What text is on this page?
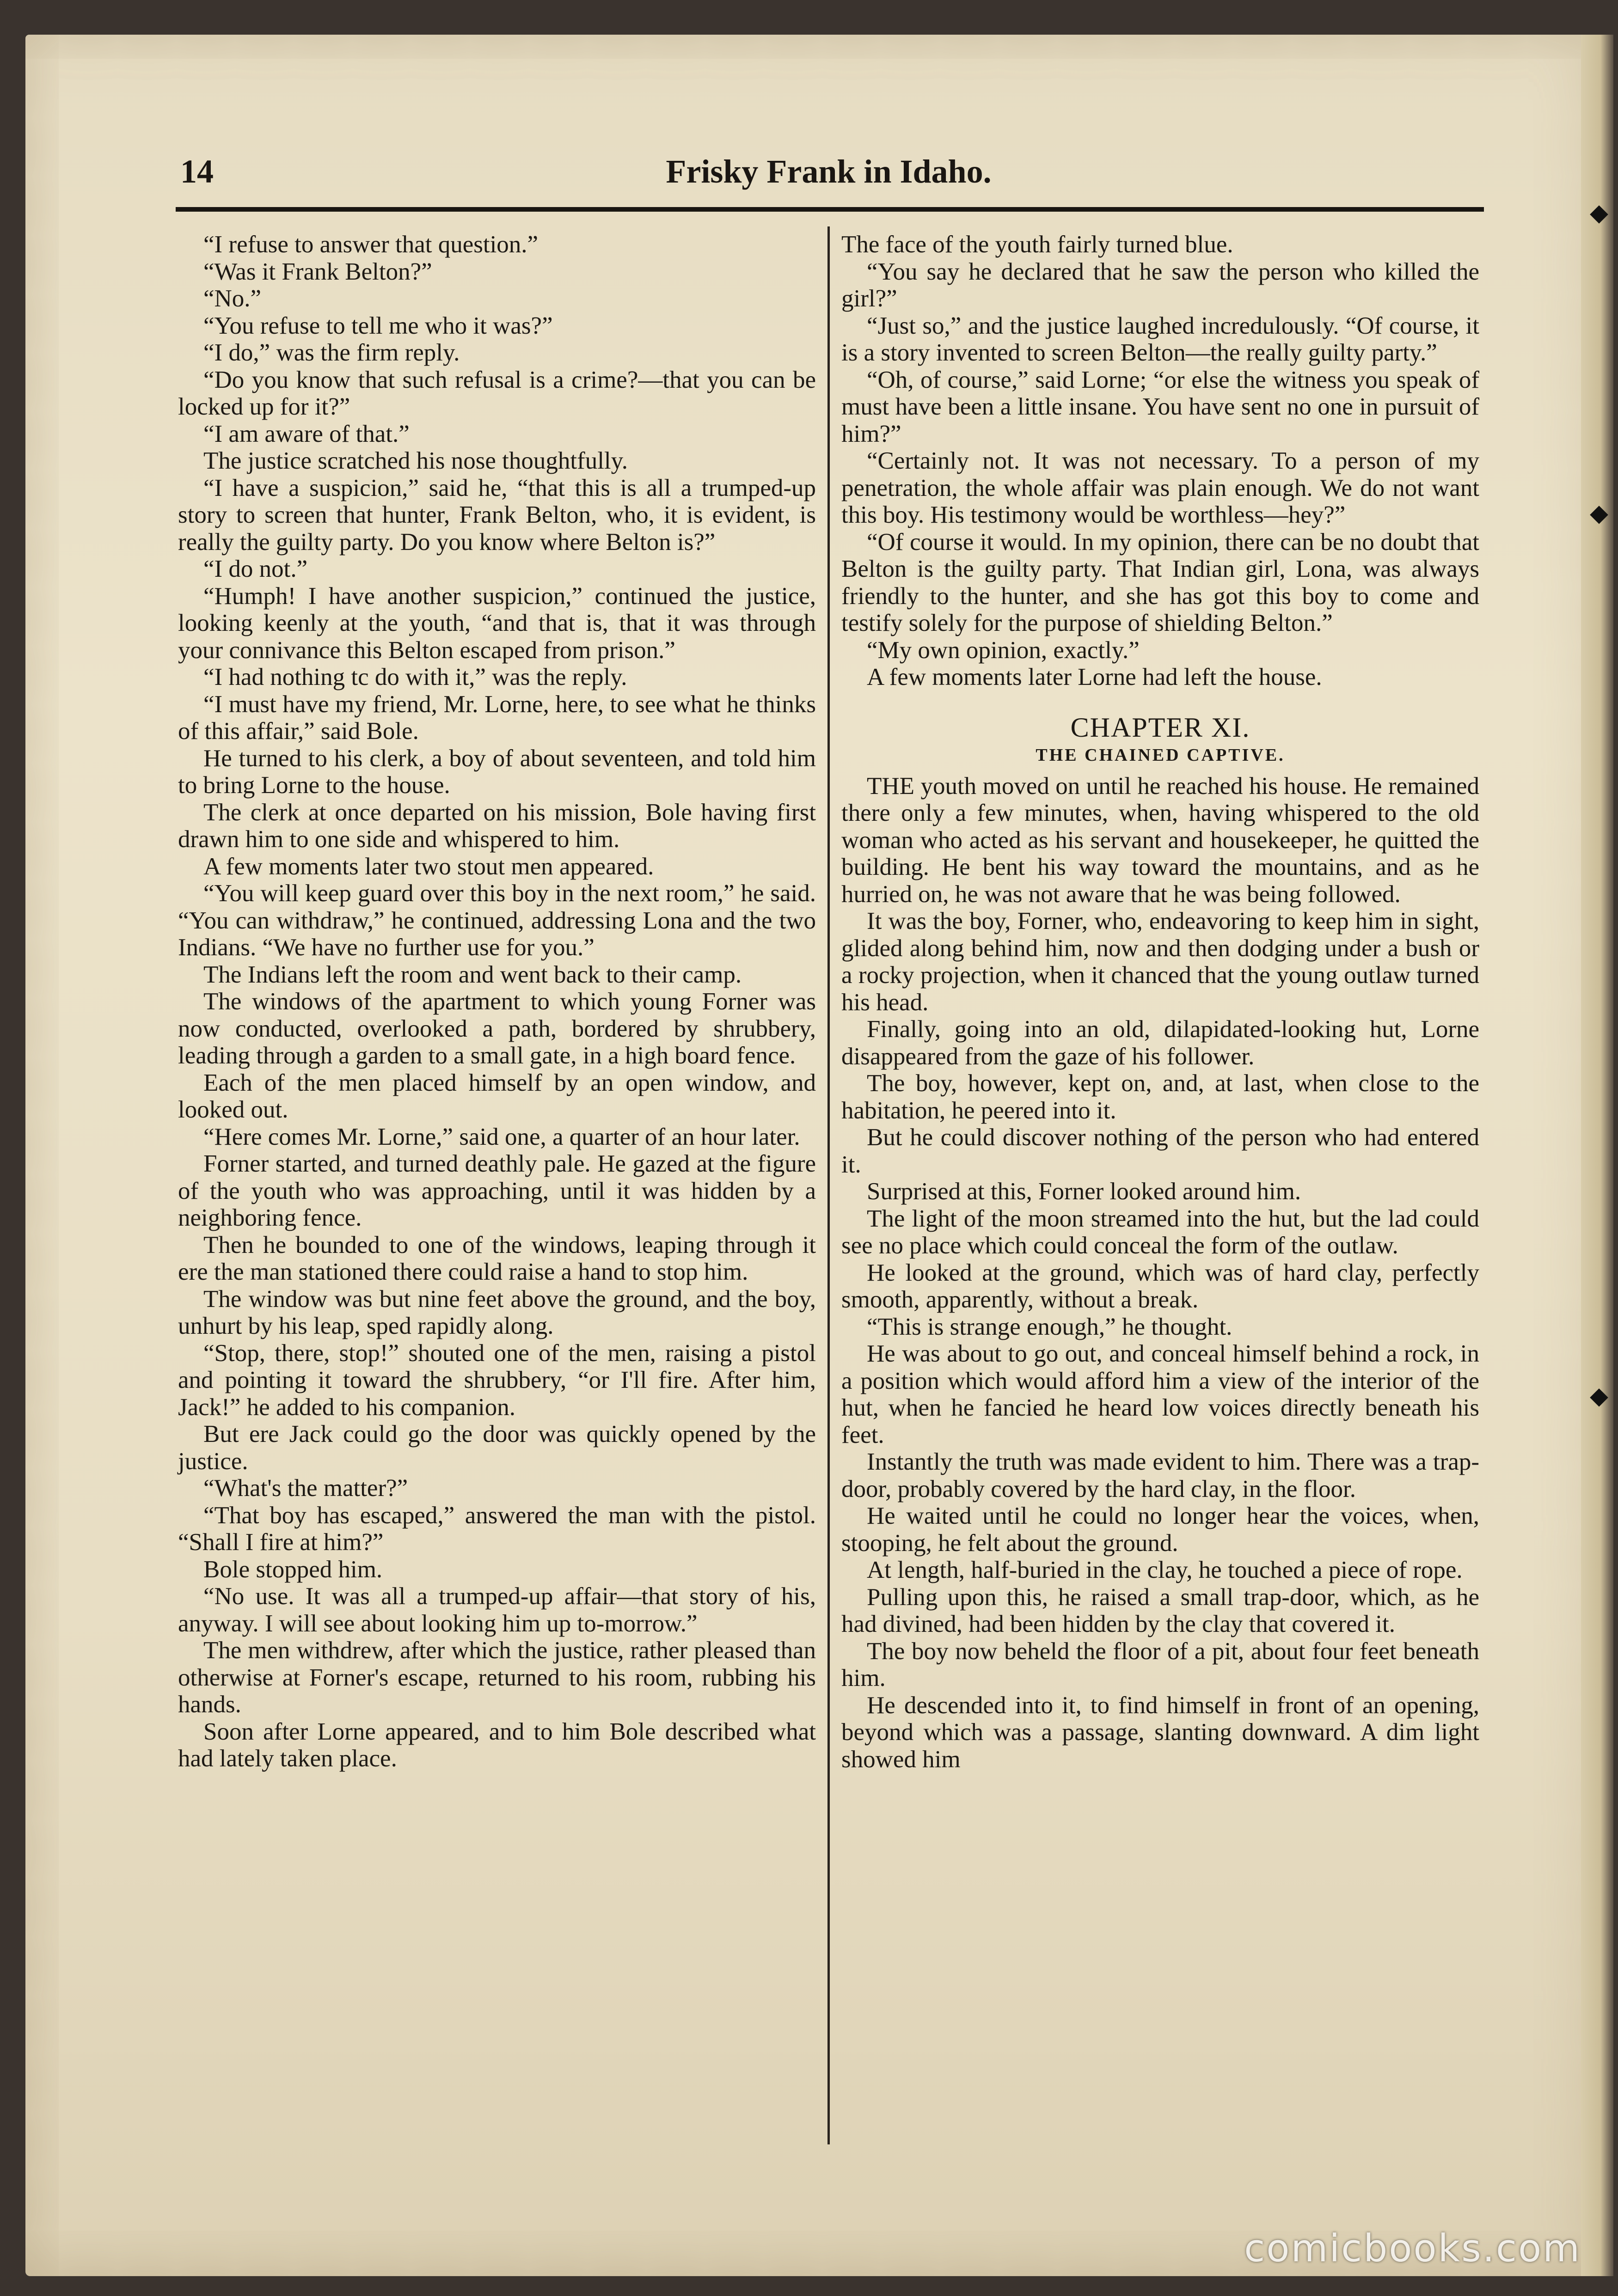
14	Frisky Frank in Idaho.

“I refuse to answer that question.”

“Was it Frank Belton?”

“No.”

“You refuse to tell me who it was?”

“I do,” was the firm reply.

“Do you know that such refusal is a crime?—that you can be locked up for it?”

“I am aware of that.”

The justice scratched his nose thoughtfully.

“I have a suspicion,” said he, “that this is all a trumped-up story to screen that hunter, Frank Belton, who, it is evident, is really the guilty party. Do you know where Belton is?”

“I do not.”

“Humph! I have another suspicion,” continued the justice, looking keenly at the youth, “and that is, that it was through your connivance this Belton escaped from prison.”

“I had nothing tc do with it,” was the reply.

“I must have my friend, Mr. Lorne, here, to see what he thinks of this affair,” said Bole.

He turned to his clerk, a boy of about seventeen, and told him to bring Lorne to the house.

The clerk at once departed on his mission, Bole having first drawn him to one side and whispered to him.

A few moments later two stout men appeared.

“You will keep guard over this boy in the next room,” he said. “You can withdraw,” he continued, addressing Lona and the two Indians. “We have no further use for you.”

The Indians left the room and went back to their camp.

The windows of the apartment to which young Forner was now conducted, overlooked a path, bordered by shrubbery, leading through a garden to a small gate, in a high board fence.

Each of the men placed himself by an open window, and looked out.

“Here comes Mr. Lorne,” said one, a quarter of an hour later.

Forner started, and turned deathly pale. He gazed at the figure of the youth who was approaching, until it was hidden by a neighboring fence.

Then he bounded to one of the windows, leaping through it ere the man stationed there could raise a hand to stop him.

The window was but nine feet above the ground, and the boy, unhurt by his leap, sped rapidly along.

“Stop, there, stop!” shouted one of the men, raising a pistol and pointing it toward the shrubbery, “or I'll fire. After him, Jack!” he added to his companion.

But ere Jack could go the door was quickly opened by the justice.

“What's the matter?”

“That boy has escaped,” answered the man with the pistol. “Shall I fire at him?”

Bole stopped him.

“No use. It was all a trumped-up affair—that story of his, anyway. I will see about looking him up to-morrow.”

The men withdrew, after which the justice, rather pleased than otherwise at Forner's escape, returned to his room, rubbing his hands.

Soon after Lorne appeared, and to him Bole described what had lately taken place.

The face of the youth fairly turned blue.

“You say he declared that he saw the person who killed the girl?”

“Just so,” and the justice laughed incredulously. “Of course, it is a story invented to screen Belton—the really guilty party.”

“Oh, of course,” said Lorne; “or else the witness you speak of must have been a little insane. You have sent no one in pursuit of him?”

“Certainly not. It was not necessary. To a person of my penetration, the whole affair was plain enough. We do not want this boy. His testimony would be worthless—hey?”

“Of course it would. In my opinion, there can be no doubt that Belton is the guilty party. That Indian girl, Lona, was always friendly to the hunter, and she has got this boy to come and testify solely for the purpose of shielding Belton.”

“My own opinion, exactly.”

A few moments later Lorne had left the house.

CHAPTER XI.
THE CHAINED CAPTIVE.

THE youth moved on until he reached his house. He remained there only a few minutes, when, having whispered to the old woman who acted as his servant and housekeeper, he quitted the building. He bent his way toward the mountains, and as he hurried on, he was not aware that he was being followed.

It was the boy, Forner, who, endeavoring to keep him in sight, glided along behind him, now and then dodging under a bush or a rocky projection, when it chanced that the young outlaw turned his head.

Finally, going into an old, dilapidated-looking hut, Lorne disappeared from the gaze of his follower.

The boy, however, kept on, and, at last, when close to the habitation, he peered into it.

But he could discover nothing of the person who had entered it.

Surprised at this, Forner looked around him.

The light of the moon streamed into the hut, but the lad could see no place which could conceal the form of the outlaw.

He looked at the ground, which was of hard clay, perfectly smooth, apparently, without a break.

“This is strange enough,” he thought.

He was about to go out, and conceal himself behind a rock, in a position which would afford him a view of the interior of the hut, when he fancied he heard low voices directly beneath his feet.

Instantly the truth was made evident to him. There was a trap-door, probably covered by the hard clay, in the floor.

He waited until he could no longer hear the voices, when, stooping, he felt about the ground.

At length, half-buried in the clay, he touched a piece of rope.

Pulling upon this, he raised a small trap-door, which, as he had divined, had been hidden by the clay that covered it.

The boy now beheld the floor of a pit, about four feet beneath him.

He descended into it, to find himself in front of an opening, beyond which was a passage, slanting downward. A dim light showed him

comicbooks.com
